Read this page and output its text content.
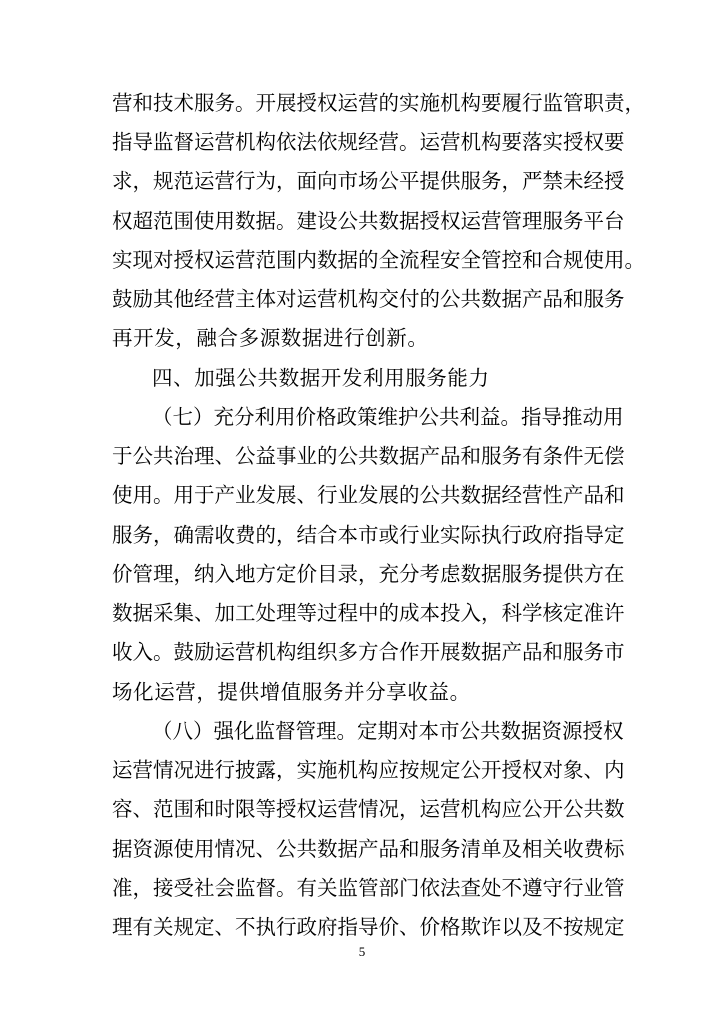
营和技术服务。开展授权运营的实施机构要履行监管职责，
指导监督运营机构依法依规经营。运营机构要落实授权要
求，规范运营行为，面向市场公平提供服务，严禁未经授
权超范围使用数据。建设公共数据授权运营管理服务平台
实现对授权运营范围内数据的全流程安全管控和合规使用。
鼓励其他经营主体对运营机构交付的公共数据产品和服务
再开发，融合多源数据进行创新。
四、加强公共数据开发利用服务能力
（七）充分利用价格政策维护公共利益。指导推动用
于公共治理、公益事业的公共数据产品和服务有条件无偿
使用。用于产业发展、行业发展的公共数据经营性产品和
服务，确需收费的，结合本市或行业实际执行政府指导定
价管理，纳入地方定价目录，充分考虑数据服务提供方在
数据采集、加工处理等过程中的成本投入，科学核定准许
收入。鼓励运营机构组织多方合作开展数据产品和服务市
场化运营，提供增值服务并分享收益。
（八）强化监督管理。定期对本市公共数据资源授权
运营情况进行披露，实施机构应按规定公开授权对象、内
容、范围和时限等授权运营情况，运营机构应公开公共数
据资源使用情况、公共数据产品和服务清单及相关收费标
准，接受社会监督。有关监管部门依法查处不遵守行业管
理有关规定、不执行政府指导价、价格欺诈以及不按规定
5
